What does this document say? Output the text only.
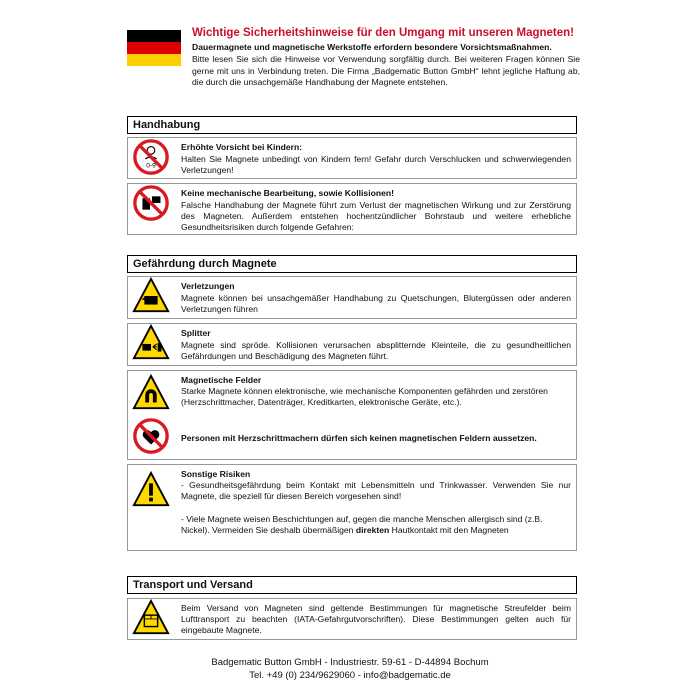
Wichtige Sicherheitshinweise für den Umgang mit unseren Magneten!
Dauermagnete und magnetische Werkstoffe erfordern besondere Vorsichtsmaßnahmen.
Bitte lesen Sie sich die Hinweise vor Verwendung sorgfältig durch. Bei weiteren Fragen können Sie gerne mit uns in Verbindung treten. Die Firma „Badgematic Button GmbH“ lehnt jegliche Haftung ab, die durch die unsachgemäße Handhabung der Magnete entstehen.
Handhabung
0-9
Erhöhte Vorsicht bei Kindern:
Halten Sie Magnete unbedingt von Kindern fern! Gefahr durch Verschlucken und schwerwiegenden Verletzungen!
Keine mechanische Bearbeitung, sowie Kollisionen!
Falsche Handhabung der Magnete führt zum Verlust der magnetischen Wirkung und zur Zerstörung des Magneten. Außerdem entstehen hochentzündlicher Bohrstaub und weitere erhebliche Gesundheitsrisiken durch folgende Gefahren:
Gefährdung durch Magnete
Verletzungen
Magnete können bei unsachgemäßer Handhabung zu Quetschungen, Blutergüssen oder anderen Verletzungen führen
Splitter
Magnete sind spröde. Kollisionen verursachen absplitternde Kleinteile, die zu gesundheitlichen Gefährdungen und Beschädigung des Magneten führt.
Magnetische Felder
Starke Magnete können elektronische, wie mechanische Komponenten gefährden und zerstören (Herzschrittmacher, Datenträger, Kreditkarten, elektronische Geräte, etc.).
Personen mit Herzschrittmachern dürfen sich keinen magnetischen Feldern aussetzen.
Sonstige Risiken
- Gesundheitsgefährdung beim Kontakt mit Lebensmitteln und Trinkwasser. Verwenden Sie nur Magnete, die speziell für diesen Bereich vorgesehen sind!
- Viele Magnete weisen Beschichtungen auf, gegen die manche Menschen allergisch sind (z.B. Nickel). Vermeiden Sie deshalb übermäßigen direkten Hautkontakt mit den Magneten
Transport und Versand
Beim Versand von Magneten sind geltende Bestimmungen für magnetische Streufelder beim Lufttransport zu beachten (IATA-Gefahrgutvorschriften). Diese Bestimmungen gelten auch für eingebaute Magnete.
Badgematic Button GmbH - Industriestr. 59-61 - D-44894 Bochum
Tel. +49 (0) 234/9629060 - info@badgematic.de
